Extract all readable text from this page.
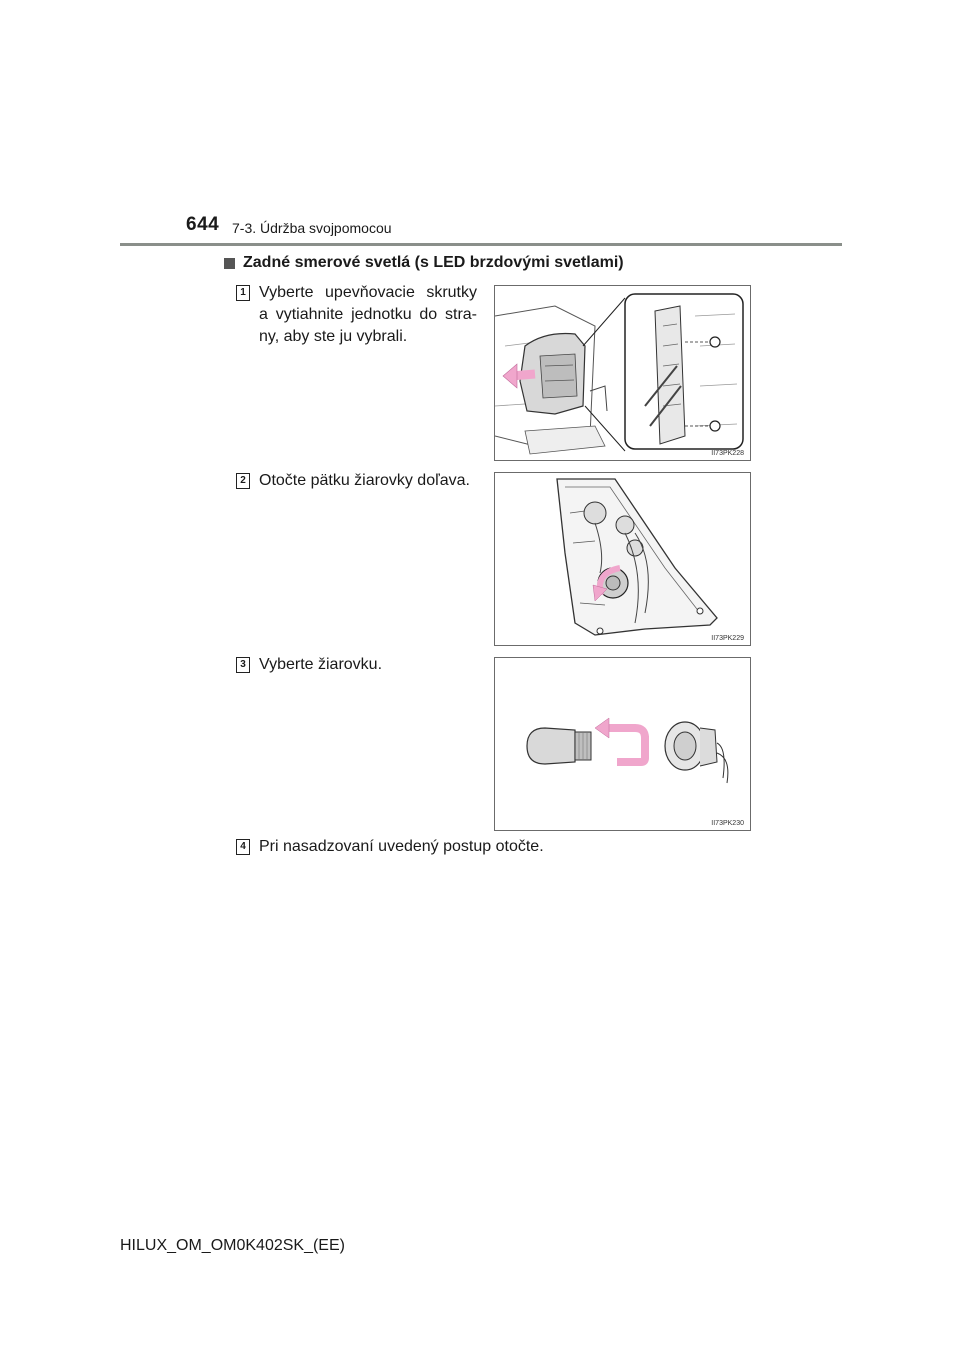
644 7-3. Údržba svojpomocou
Zadné smerové svetlá (s LED brzdovými svetlami)
1 Vyberte upevňovacie skrutky
a vytiahnite jednotku do stra-
ny, aby ste ju vybrali.
II73PK228
2 Otočte pätku žiarovky doľava.
II73PK229
3 Vyberte žiarovku.
II73PK230
4 Pri nasadzovaní uvedený postup otočte.
HILUX_OM_OM0K402SK_(EE)
